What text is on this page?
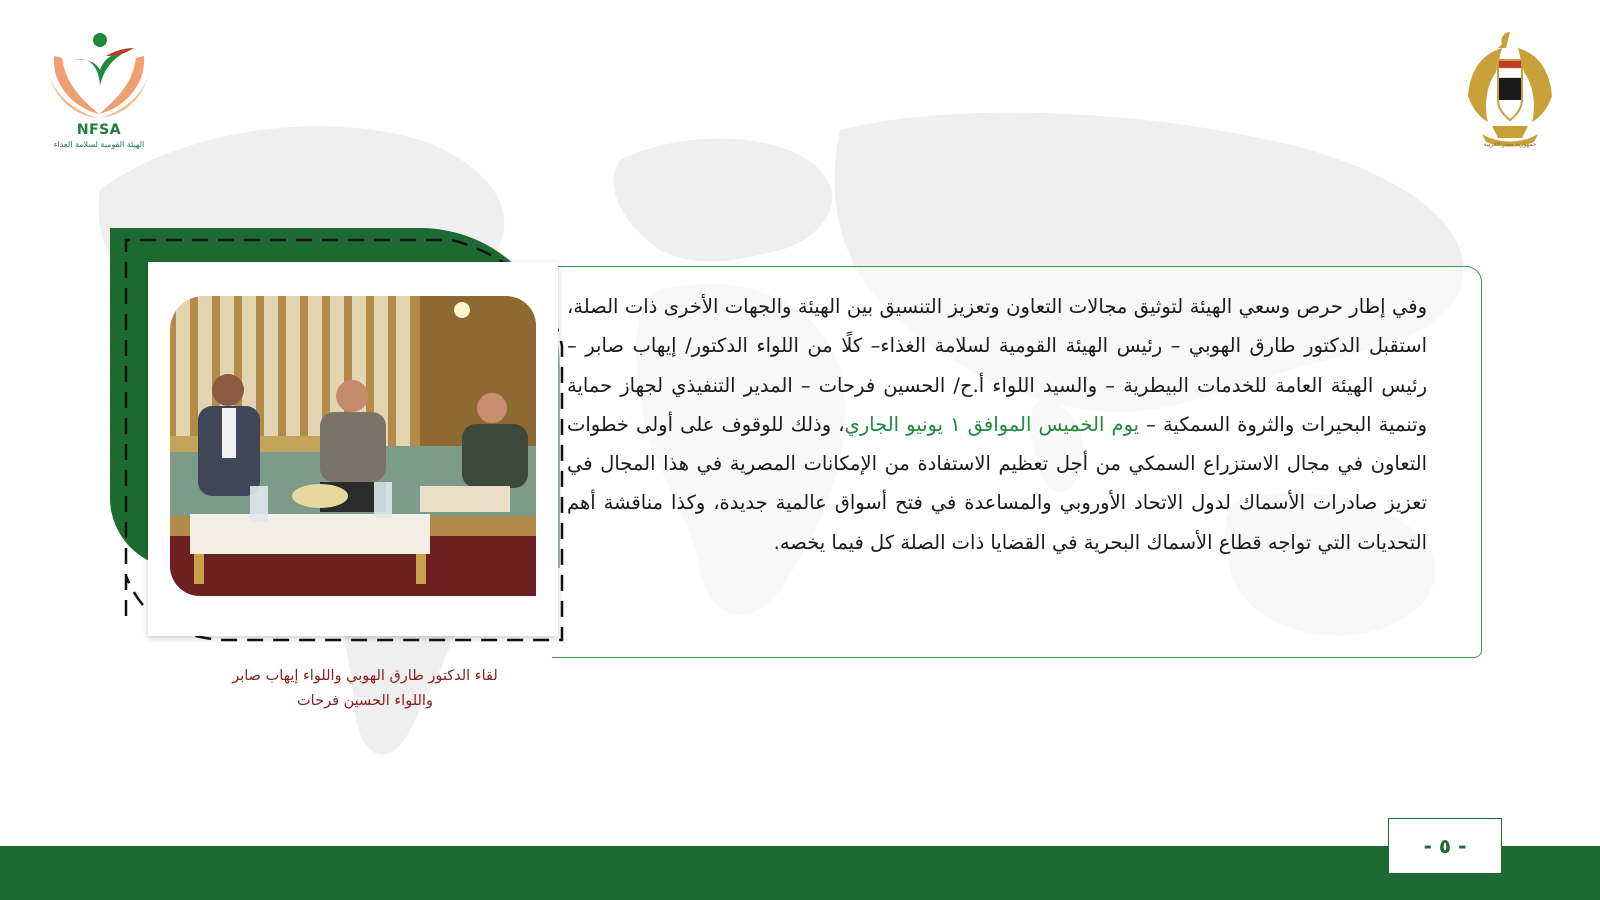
NFSA
الهيئة القومية لسلامة الغذاء	جمهورية مصر العربية

وفي إطار حرص وسعي الهيئة لتوثيق مجالات التعاون وتعزيز التنسيق بين الهيئة والجهات الأخرى ذات الصلة، استقبل الدكتور طارق الهوبي – رئيس الهيئة القومية لسلامة الغذاء– كلًا من اللواء الدكتور/ إيهاب صابر – رئيس الهيئة العامة للخدمات البيطرية – والسيد اللواء أ.ح/ الحسين فرحات – المدير التنفيذي لجهاز حماية وتنمية البحيرات والثروة السمكية – يوم الخميس الموافق ١ يونيو الجاري، وذلك للوقوف على أولى خطوات التعاون في مجال الاستزراع السمكي من أجل تعظيم الاستفادة من الإمكانات المصرية في هذا المجال في تعزيز صادرات الأسماك لدول الاتحاد الأوروبي والمساعدة في فتح أسواق عالمية جديدة، وكذا مناقشة أهم التحديات التي تواجه قطاع الأسماك البحرية في القضايا ذات الصلة كل فيما يخصه.

لقاء الدكتور طارق الهوبي واللواء إيهاب صابر
واللواء الحسين فرحات
- ٥ -
